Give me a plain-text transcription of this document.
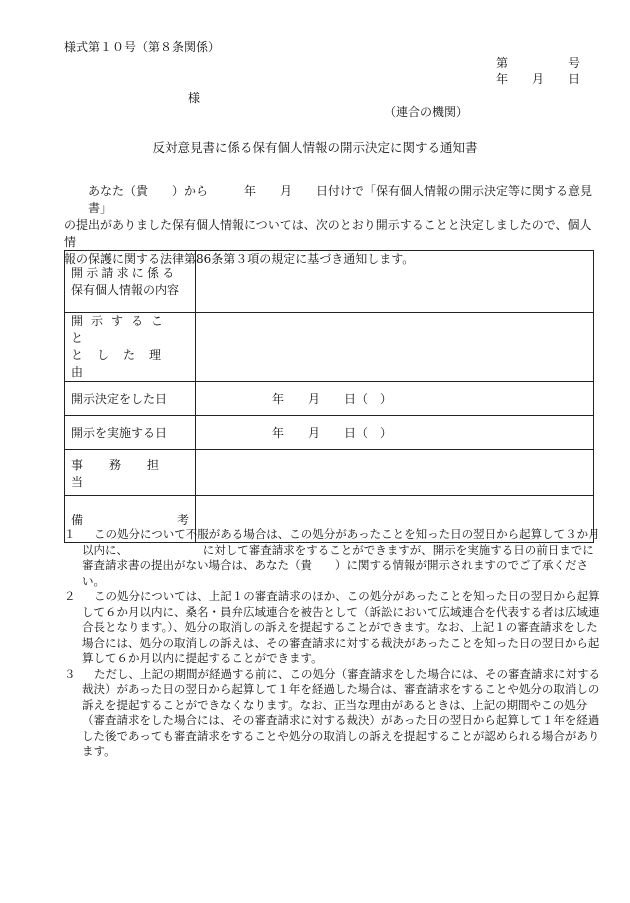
様式第１０号（第８条関係）
第	号
年 月 日
様
（連合の機関）
反対意見書に係る保有個人情報の開示決定に関する通知書
あなた（貴　　）から　　　年　　月　　日付けで「保有個人情報の開示決定等に関する意見書」
の提出がありました保有個人情報については、次のとおり開示することと決定しましたので、個人情
報の保護に関する法律第86条第３項の規定に基づき通知します。
開示請求に係る
保有個人情報の内容	

開示すること
とした理由	

開示決定をした日	年　　月　　日（　）
開示を実施する日	年　　月　　日（　）
事務担当	

備 考	

１	この処分について不服がある場合は、この処分があったことを知った日の翌日から起算して３か月以内に、　　　　　　　に対して審査請求をすることができますが、開示を実施する日の前日までに審査請求書の提出がない場合は、あなた（貴　　）に関する情報が開示されますのでご了承ください。
２	この処分については、上記１の審査請求のほか、この処分があったことを知った日の翌日から起算して６か月以内に、桑名・員弁広域連合を被告として（訴訟において広域連合を代表する者は広域連合長となります。）、処分の取消しの訴えを提起することができます。なお、上記１の審査請求をした場合には、処分の取消しの訴えは、その審査請求に対する裁決があったことを知った日の翌日から起算して６か月以内に提起することができます。
３	ただし、上記の期間が経過する前に、この処分（審査請求をした場合には、その審査請求に対する裁決）があった日の翌日から起算して１年を経過した場合は、審査請求をすることや処分の取消しの訴えを提起することができなくなります。なお、正当な理由があるときは、上記の期間やこの処分（審査請求をした場合には、その審査請求に対する裁決）があった日の翌日から起算して１年を経過した後であっても審査請求をすることや処分の取消しの訴えを提起することが認められる場合があります。
